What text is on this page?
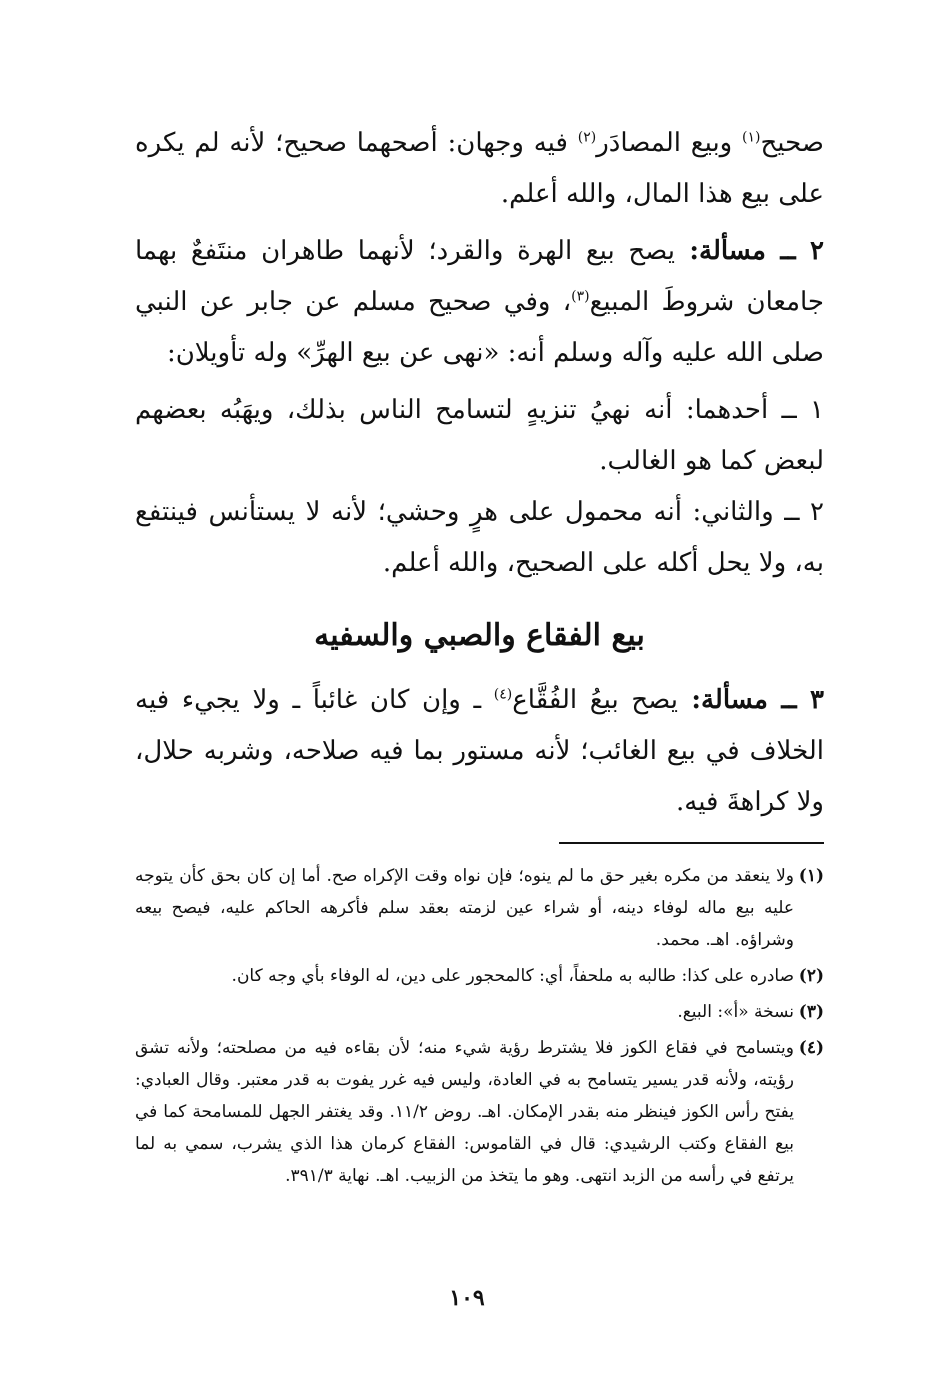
صحيح$^{(١)}$ وبيع المصادَر$^{(٢)}$ فيه وجهان: أصحهما صحيح؛ لأنه لم يكره على بيع هذا المال، والله أعلم.

٢ ــ مسألة: يصح بيع الهرة والقرد؛ لأنهما طاهران منتَفعٌ بهما جامعان شروطَ المبيع$^{(٣)}$، وفي صحيح مسلم عن جابر عن النبي صلى الله عليه وآله وسلم أنه: «نهى عن بيع الهرِّ» وله تأويلان:

١ ــ أحدهما: أنه نهيُ تنزيهٍ لتسامح الناس بذلك، ويهَبُه بعضهم لبعض كما هو الغالب.

٢ ــ والثاني: أنه محمول على هرٍ وحشي؛ لأنه لا يستأنس فينتفع به، ولا يحل أكله على الصحيح، والله أعلم.

بيع الفقاع والصبي والسفيه

٣ ــ مسألة: يصح بيعُ الفُقَّاع$^{(٤)}$ ـ وإن كان غائباً ـ ولا يجيء فيه الخلاف في بيع الغائب؛ لأنه مستور بما فيه صلاحه، وشربه حلال، ولا كراهةَ فيه.

(١)
ولا ينعقد من مكره بغير حق ما لم ينوه؛ فإن نواه وقت الإكراه صح. أما إن كان بحق كأن يتوجه عليه بيع ماله لوفاء دينه، أو شراء عين لزمته بعقد سلم فأكرهه الحاكم عليه، فيصح بيعه وشراؤه. اهـ. محمد.
(٢)
صادره على كذا: طالبه به ملحفاً، أي: كالمحجور على دين، له الوفاء بأي وجه كان.
(٣)
نسخة «أ»: البيع.
(٤)
ويتسامح في فقاع الكوز فلا يشترط رؤية شيء منه؛ لأن بقاءه فيه من مصلحته؛ ولأنه تشق رؤيته، ولأنه قدر يسير يتسامح به في العادة، وليس فيه غرر يفوت به قدر معتبر. وقال العبادي: يفتح رأس الكوز فينظر منه بقدر الإمكان. اهـ. روض ١١/٢. وقد يغتفر الجهل للمسامحة كما في بيع الفقاع وكتب الرشيدي: قال في القاموس: الفقاع كرمان هذا الذي يشرب، سمي به لما يرتفع في رأسه من الزبد انتهى. وهو ما يتخذ من الزبيب. اهـ. نهاية ٣٩١/٣.
١٠٩
